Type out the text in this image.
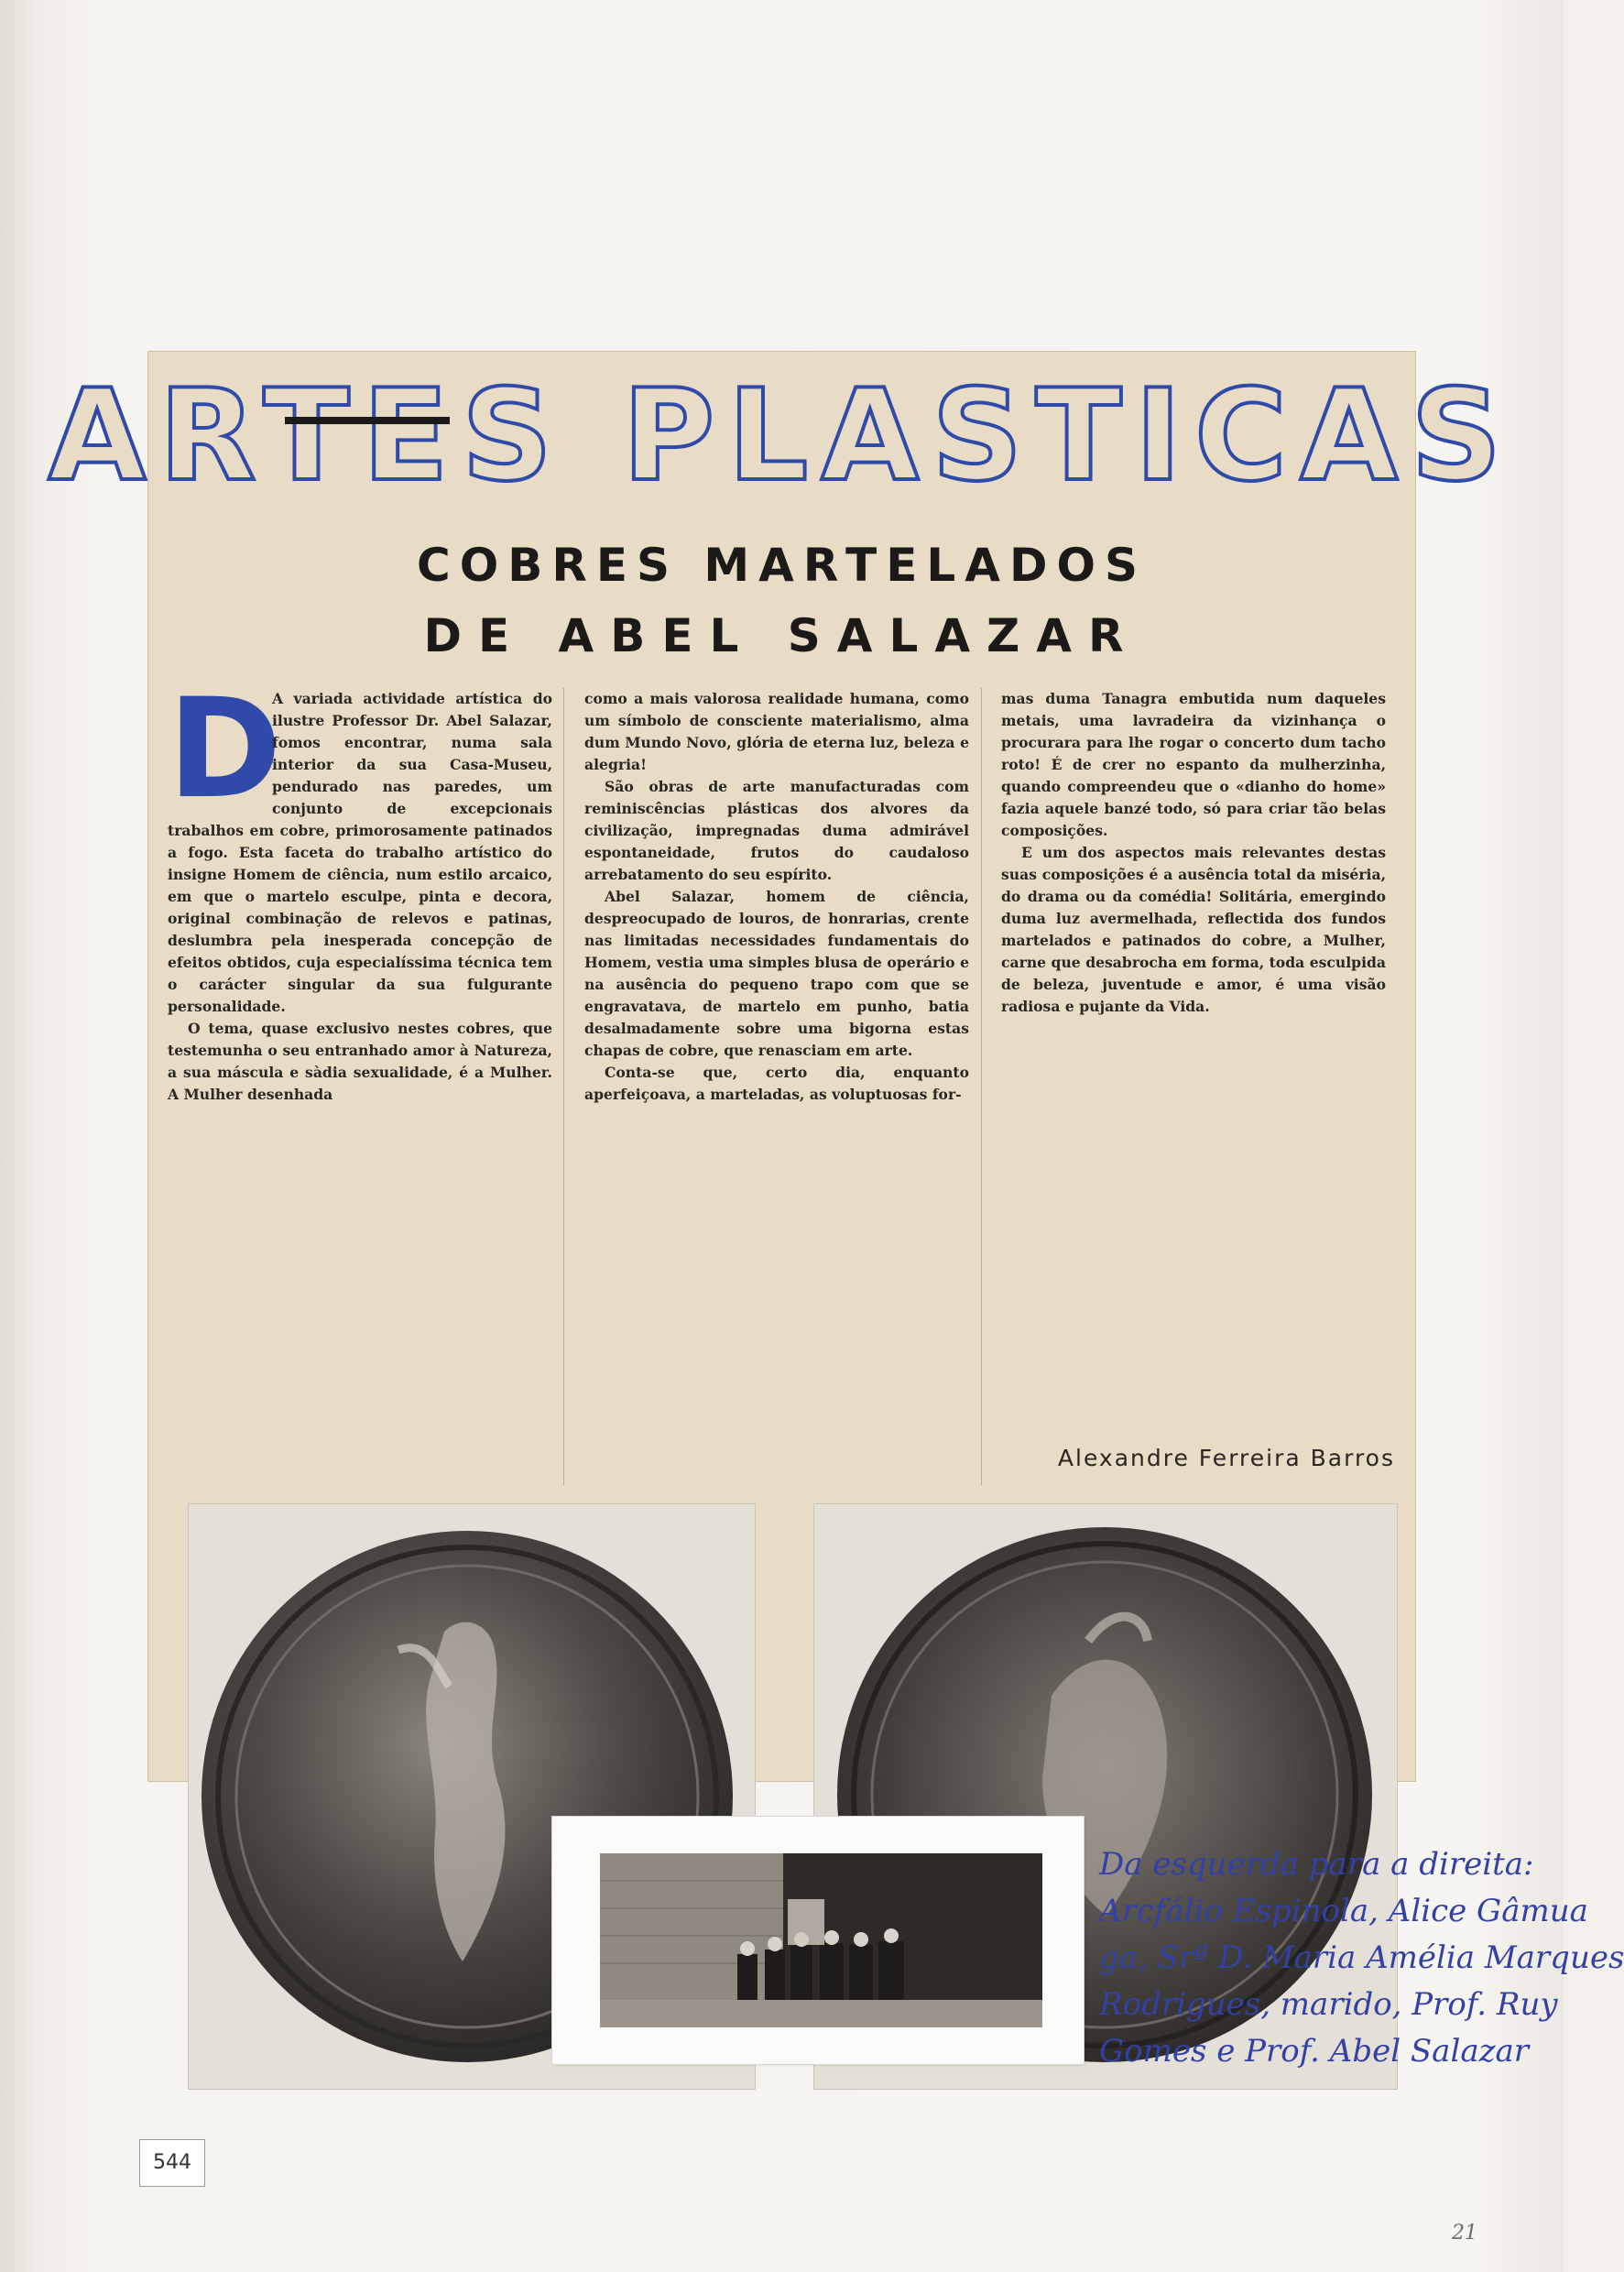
ARTES PLASTICAS
COBRES MARTELADOS
DE ABEL SALAZAR
D

A variada actividade artística do ilustre Professor Dr. Abel Salazar, fomos encontrar, numa sala interior da sua Casa-Museu, pendurado nas paredes, um conjunto de excepcionais trabalhos em cobre, primorosamente patinados a fogo. Esta faceta do trabalho artístico do insigne Homem de ciência, num estilo arcaico, em que o martelo esculpe, pinta e decora, original combinação de relevos e patinas, deslumbra pela inesperada concepção de efeitos obtidos, cuja especialíssima técnica tem o carácter singular da sua fulgurante personalidade.

O tema, quase exclusivo nestes cobres, que testemunha o seu entranhado amor à Natureza, a sua máscula e sàdia sexualidade, é a Mulher. A Mulher desenhada

como a mais valorosa realidade humana, como um símbolo de consciente materialismo, alma dum Mundo Novo, glória de eterna luz, beleza e alegria!

São obras de arte manufacturadas com reminiscências plásticas dos alvores da civilização, impregnadas duma admirável espontaneidade, frutos do caudaloso arrebatamento do seu espírito.

Abel Salazar, homem de ciência, despreocupado de louros, de honrarias, crente nas limitadas necessidades fundamentais do Homem, vestia uma simples blusa de operário e na ausência do pequeno trapo com que se engravatava, de martelo em punho, batia desalmadamente sobre uma bigorna estas chapas de cobre, que renasciam em arte.

Conta-se que, certo dia, enquanto aperfeiçoava, a marteladas, as voluptuosas for-

mas duma Tanagra embutida num daqueles metais, uma lavradeira da vizinhança o procurara para lhe rogar o concerto dum tacho roto! É de crer no espanto da mulherzinha, quando compreendeu que o «dianho do home» fazia aquele banzé todo, só para criar tão belas composições.

E um dos aspectos mais relevantes destas suas composições é a ausência total da miséria, do drama ou da comédia! Solitária, emergindo duma luz avermelhada, reflectida dos fundos martelados e patinados do cobre, a Mulher, carne que desabrocha em forma, toda esculpida de beleza, juventude e amor, é uma visão radiosa e pujante da Vida.

Alexandre Ferreira Barros
Da esquerda para a direita:
Arcfálio Espinola, Alice Gâmua
ga, Srª D. Maria Amélia Marques
Rodrigues, marido, Prof. Ruy
Gomes e Prof. Abel Salazar
544
21
